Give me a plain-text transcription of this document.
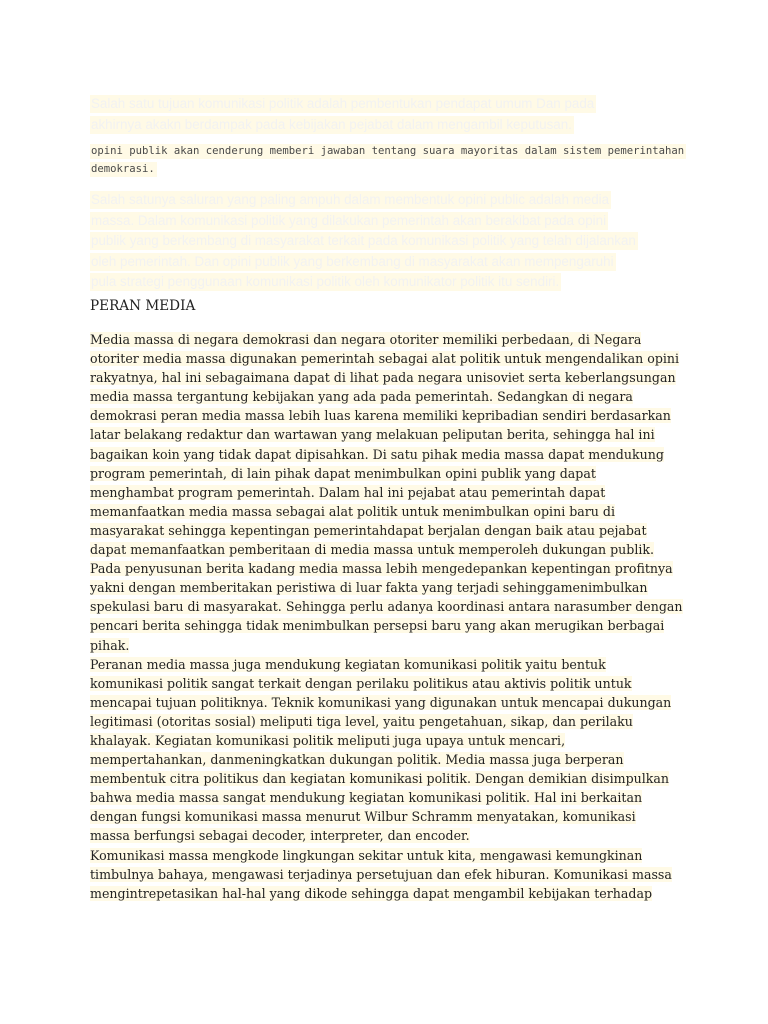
Salah satu tujuan komunikasi politik adalah pembentukan pendapat umum Dan pada
akhirnya akakn berdampak pada kebijakan pejabat dalam mengambil keputusan.
opini publik akan cenderung memberi jawaban tentang suara mayoritas dalam sistem pemerintahan
demokrasi.
Salah satunya saluran yang paling ampuh dalam membentuk opini public adalah media
massa. Dalam komunikasi politik yang dilakukan pemerintah akan berakibat pada opini
publik yang berkembang di masyarakat terkait pada komunikasi politik yang telah dijalankan
oleh pemerintah. Dan opini publik yang berkembang di masyarakat akan mempengaruhi
pula strategi penggunaan komunikasi politik oleh komunikator politik itu sendiri.
PERAN MEDIA
Media massa di negara demokrasi dan negara otoriter memiliki perbedaan, di Negara
otoriter media massa digunakan pemerintah sebagai alat politik untuk mengendalikan opini
rakyatnya, hal ini sebagaimana dapat di lihat pada negara unisoviet serta keberlangsungan
media massa tergantung kebijakan yang ada pada pemerintah. Sedangkan di negara
demokrasi peran media massa lebih luas karena memiliki kepribadian sendiri berdasarkan
latar belakang redaktur dan wartawan yang melakuan peliputan berita, sehingga hal ini
bagaikan koin yang tidak dapat dipisahkan. Di satu pihak media massa dapat mendukung
program pemerintah, di lain pihak dapat menimbulkan opini publik yang dapat
menghambat program pemerintah. Dalam hal ini pejabat atau pemerintah dapat
memanfaatkan media massa sebagai alat politik untuk menimbulkan opini baru di
masyarakat sehingga kepentingan pemerintahdapat berjalan dengan baik atau pejabat
dapat memanfaatkan pemberitaan di media massa untuk memperoleh dukungan publik.
Pada penyusunan berita kadang media massa lebih mengedepankan kepentingan profitnya
yakni dengan memberitakan peristiwa di luar fakta yang terjadi sehinggamenimbulkan
spekulasi baru di masyarakat. Sehingga perlu adanya koordinasi antara narasumber dengan
pencari berita sehingga tidak menimbulkan persepsi baru yang akan merugikan berbagai
pihak.
Peranan media massa juga mendukung kegiatan komunikasi politik yaitu bentuk
komunikasi politik sangat terkait dengan perilaku politikus atau aktivis politik untuk
mencapai tujuan politiknya. Teknik komunikasi yang digunakan untuk mencapai dukungan
legitimasi (otoritas sosial) meliputi tiga level, yaitu pengetahuan, sikap, dan perilaku
khalayak. Kegiatan komunikasi politik meliputi juga upaya untuk mencari,
mempertahankan, danmeningkatkan dukungan politik. Media massa juga berperan
membentuk citra politikus dan kegiatan komunikasi politik. Dengan demikian disimpulkan
bahwa media massa sangat mendukung kegiatan komunikasi politik. Hal ini berkaitan
dengan fungsi komunikasi massa menurut Wilbur Schramm menyatakan, komunikasi
massa berfungsi sebagai decoder, interpreter, dan encoder.
Komunikasi massa mengkode lingkungan sekitar untuk kita, mengawasi kemungkinan
timbulnya bahaya, mengawasi terjadinya persetujuan dan efek hiburan. Komunikasi massa
mengintrepetasikan hal-hal yang dikode sehingga dapat mengambil kebijakan terhadap
